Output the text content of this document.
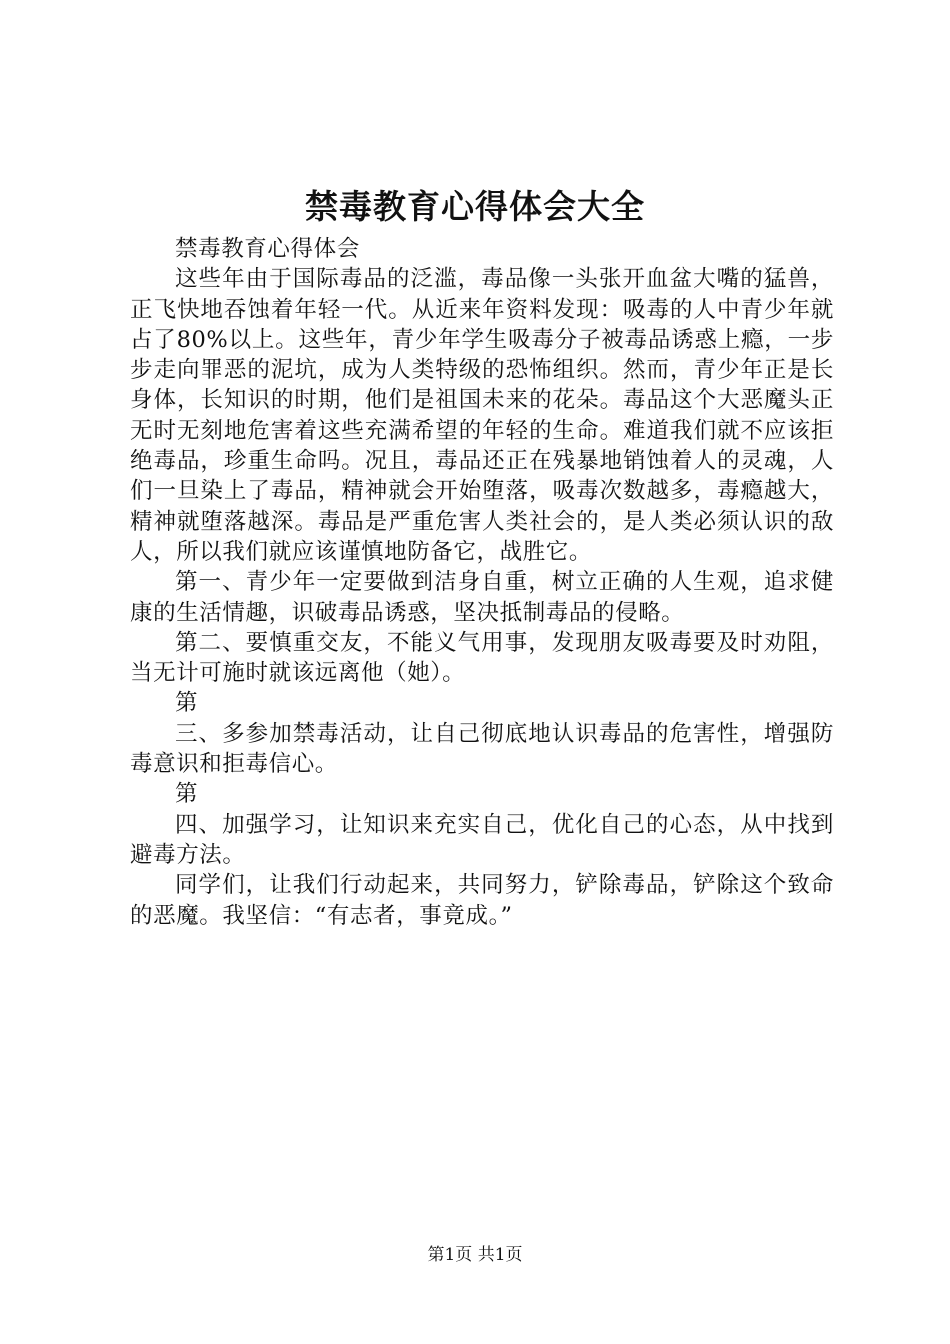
禁毒教育心得体会大全

禁毒教育心得体会

这些年由于国际毒品的泛滥，毒品像一头张开血盆大嘴的猛兽，正飞快地吞蚀着年轻一代。从近来年资料发现：吸毒的人中青少年就占了80%以上。这些年，青少年学生吸毒分子被毒品诱惑上瘾，一步步走向罪恶的泥坑，成为人类特级的恐怖组织。然而，青少年正是长身体，长知识的时期，他们是祖国未来的花朵。毒品这个大恶魔头正无时无刻地危害着这些充满希望的年轻的生命。难道我们就不应该拒绝毒品，珍重生命吗。况且，毒品还正在残暴地销蚀着人的灵魂，人们一旦染上了毒品，精神就会开始堕落，吸毒次数越多，毒瘾越大，精神就堕落越深。毒品是严重危害人类社会的，是人类必须认识的敌人，所以我们就应该谨慎地防备它，战胜它。

第一、青少年一定要做到洁身自重，树立正确的人生观，追求健康的生活情趣，识破毒品诱惑，坚决抵制毒品的侵略。

第二、要慎重交友，不能义气用事，发现朋友吸毒要及时劝阻，当无计可施时就该远离他（她）。

第

三、多参加禁毒活动，让自己彻底地认识毒品的危害性，增强防毒意识和拒毒信心。

第

四、加强学习，让知识来充实自己，优化自己的心态，从中找到避毒方法。

同学们，让我们行动起来，共同努力，铲除毒品，铲除这个致命的恶魔。我坚信：“有志者，事竟成。”

第1页 共1页
